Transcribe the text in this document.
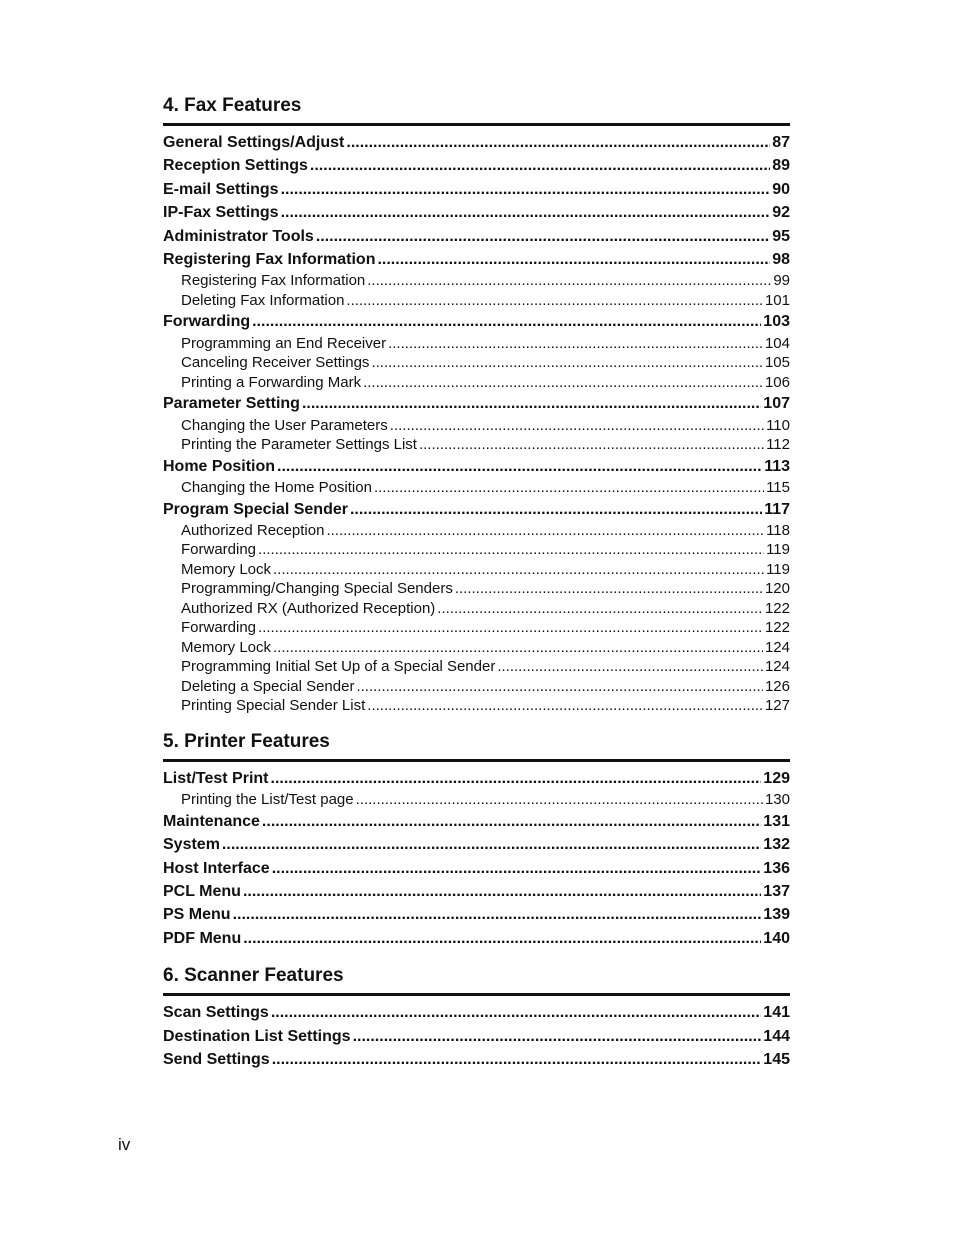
4. Fax Features
General Settings/Adjust .....	87
Reception Settings .....	89
E-mail Settings .....	90
IP-Fax Settings .....	92
Administrator Tools .....	95
Registering Fax Information .....	98
Registering Fax Information .....	99
Deleting Fax Information .....	101
Forwarding .....	103
Programming an End Receiver .....	104
Canceling Receiver Settings .....	105
Printing a Forwarding Mark .....	106
Parameter Setting .....	107
Changing the User Parameters .....	110
Printing the Parameter Settings List .....	112
Home Position .....	113
Changing the Home Position .....	115
Program Special Sender .....	117
Authorized Reception .....	118
Forwarding .....	119
Memory Lock .....	119
Programming/Changing Special Senders .....	120
Authorized RX (Authorized Reception) .....	122
Forwarding .....	122
Memory Lock .....	124
Programming Initial Set Up of a Special Sender .....	124
Deleting a Special Sender .....	126
Printing Special Sender List .....	127
5. Printer Features
List/Test Print .....	129
Printing the List/Test page .....	130
Maintenance .....	131
System .....	132
Host Interface .....	136
PCL Menu .....	137
PS Menu .....	139
PDF Menu .....	140
6. Scanner Features
Scan Settings .....	141
Destination List Settings .....	144
Send Settings .....	145
iv
